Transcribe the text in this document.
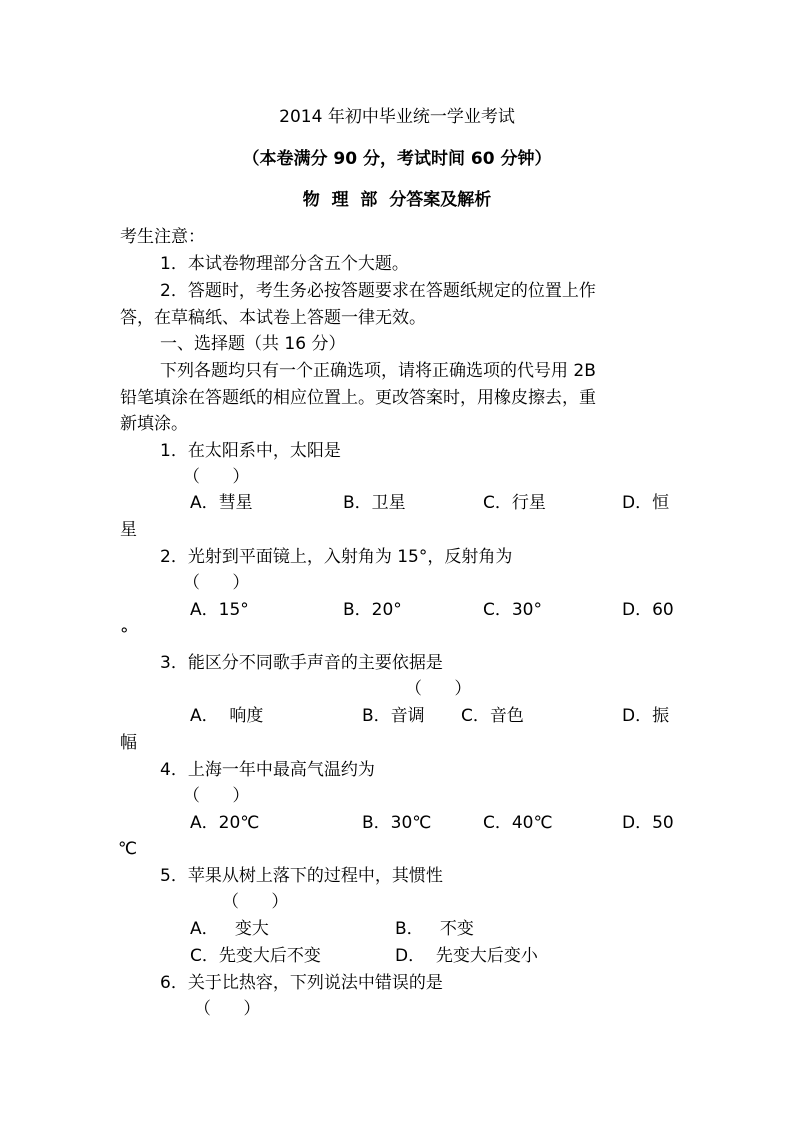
2014 年初中毕业统一学业考试
（本卷满分 90 分，考试时间 60 分钟）
物  理  部  分答案及解析
考生注意：
1．本试卷物理部分含五个大题。
2．答题时，考生务必按答题要求在答题纸规定的位置上作
答，在草稿纸、本试卷上答题一律无效。
一、选择题（共 16 分）
下列各题均只有一个正确选项，请将正确选项的代号用 2B
铅笔填涂在答题纸的相应位置上。更改答案时，用橡皮擦去，重
新填涂。
1．在太阳系中，太阳是
（      ）
A．彗星	B．卫星	C．行星	D．恒
星
2．光射到平面镜上，入射角为 15°，反射角为
（      ）
A．15°	B．20°	C．30°	D．60
°
3．能区分不同歌手声音的主要依据是
（      ）
A．  响度	B．音调 C．音色	D．振
幅
4．上海一年中最高气温约为
（      ）
A．20℃	B．30℃	C．40℃	D．50
℃
5．苹果从树上落下的过程中，其惯性
（      ）
A．   变大	B．   不变
C．先变大后不变	D．  先变大后变小
6．关于比热容，下列说法中错误的是
（      ）
